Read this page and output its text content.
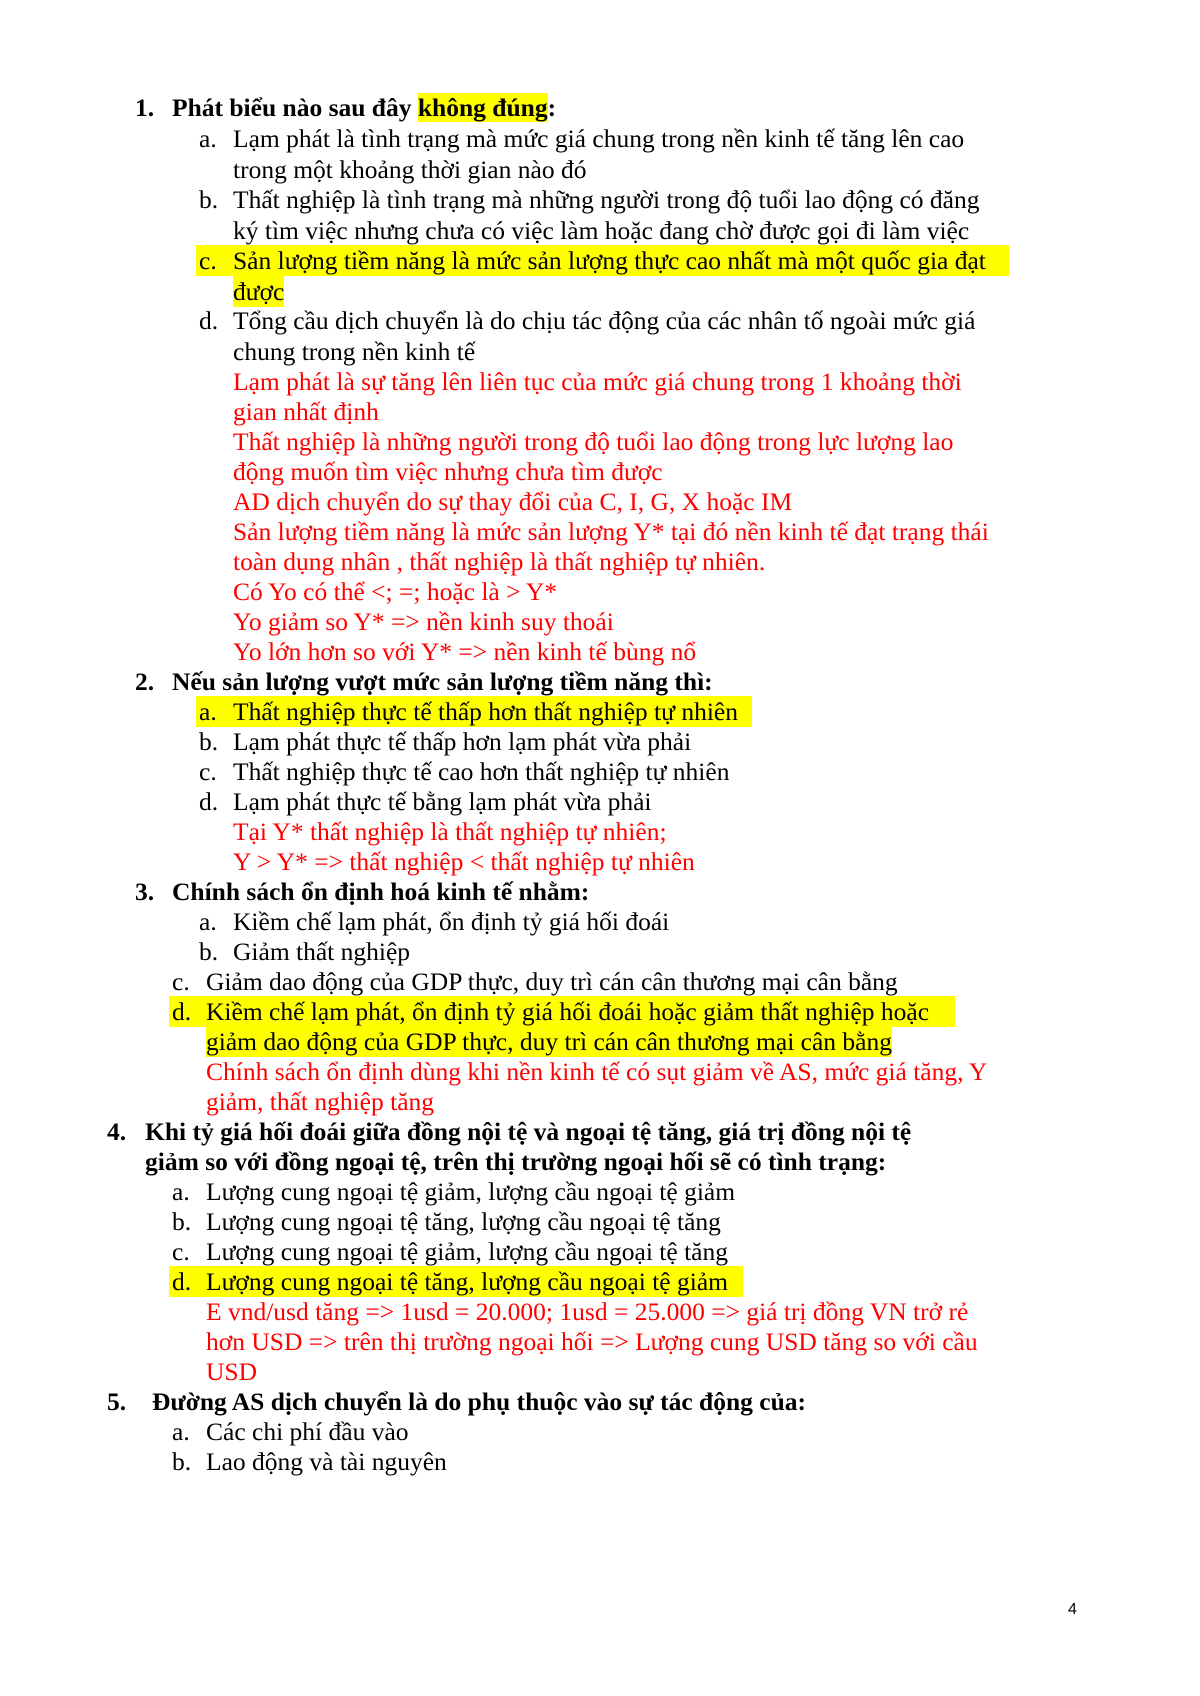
1. Phát biểu nào sau đây không đúng:
a. Lạm phát là tình trạng mà mức giá chung trong nền kinh tế tăng lên cao
trong một khoảng thời gian nào đó
b. Thất nghiệp là tình trạng mà những người trong độ tuổi lao động có đăng
ký tìm việc nhưng chưa có việc làm hoặc đang chờ được gọi đi làm việc
c. Sản lượng tiềm năng là mức sản lượng thực cao nhất mà một quốc gia đạt
được
d. Tổng cầu dịch chuyển là do chịu tác động của các nhân tố ngoài mức giá
chung trong nền kinh tế
Lạm phát là sự tăng lên liên tục của mức giá chung trong 1 khoảng thời
gian nhất định
Thất nghiệp là những người trong độ tuổi lao động trong lực lượng lao
động muốn tìm việc nhưng chưa tìm được
AD dịch chuyển do sự thay đổi của C, I, G, X hoặc IM
Sản lượng tiềm năng là mức sản lượng Y* tại đó nền kinh tế đạt trạng thái
toàn dụng nhân , thất nghiệp là thất nghiệp tự nhiên.
Có Yo có thể <; =; hoặc là > Y*
Yo giảm so Y* => nền kinh suy thoái
Yo lớn hơn so với Y* => nền kinh tế bùng nổ
2. Nếu sản lượng vượt mức sản lượng tiềm năng thì:
a. Thất nghiệp thực tế thấp hơn thất nghiệp tự nhiên
b. Lạm phát thực tế thấp hơn lạm phát vừa phải
c. Thất nghiệp thực tế cao hơn thất nghiệp tự nhiên
d. Lạm phát thực tế bằng lạm phát vừa phải
Tại Y* thất nghiệp là thất nghiệp tự nhiên;
Y > Y* => thất nghiệp < thất nghiệp tự nhiên
3. Chính sách ổn định hoá kinh tế nhằm:
a. Kiềm chế lạm phát, ổn định tỷ giá hối đoái
b. Giảm thất nghiệp
c. Giảm dao động của GDP thực, duy trì cán cân thương mại cân bằng
d. Kiềm chế lạm phát, ổn định tỷ giá hối đoái hoặc giảm thất nghiệp hoặc
giảm dao động của GDP thực, duy trì cán cân thương mại cân bằng
Chính sách ổn định dùng khi nền kinh tế có sụt giảm về AS, mức giá tăng, Y
giảm, thất nghiệp tăng
4. Khi tỷ giá hối đoái giữa đồng nội tệ và ngoại tệ tăng, giá trị đồng nội tệ
giảm so với đồng ngoại tệ, trên thị trường ngoại hối sẽ có tình trạng:
a. Lượng cung ngoại tệ giảm, lượng cầu ngoại tệ giảm
b. Lượng cung ngoại tệ tăng, lượng cầu ngoại tệ tăng
c. Lượng cung ngoại tệ giảm, lượng cầu ngoại tệ tăng
d. Lượng cung ngoại tệ tăng, lượng cầu ngoại tệ giảm
E vnd/usd tăng => 1usd = 20.000; 1usd = 25.000 => giá trị đồng VN trở rẻ
hơn USD => trên thị trường ngoại hối => Lượng cung USD tăng so với cầu
USD
5. Đường AS dịch chuyển là do phụ thuộc vào sự tác động của:
a. Các chi phí đầu vào
b. Lao động và tài nguyên
4
